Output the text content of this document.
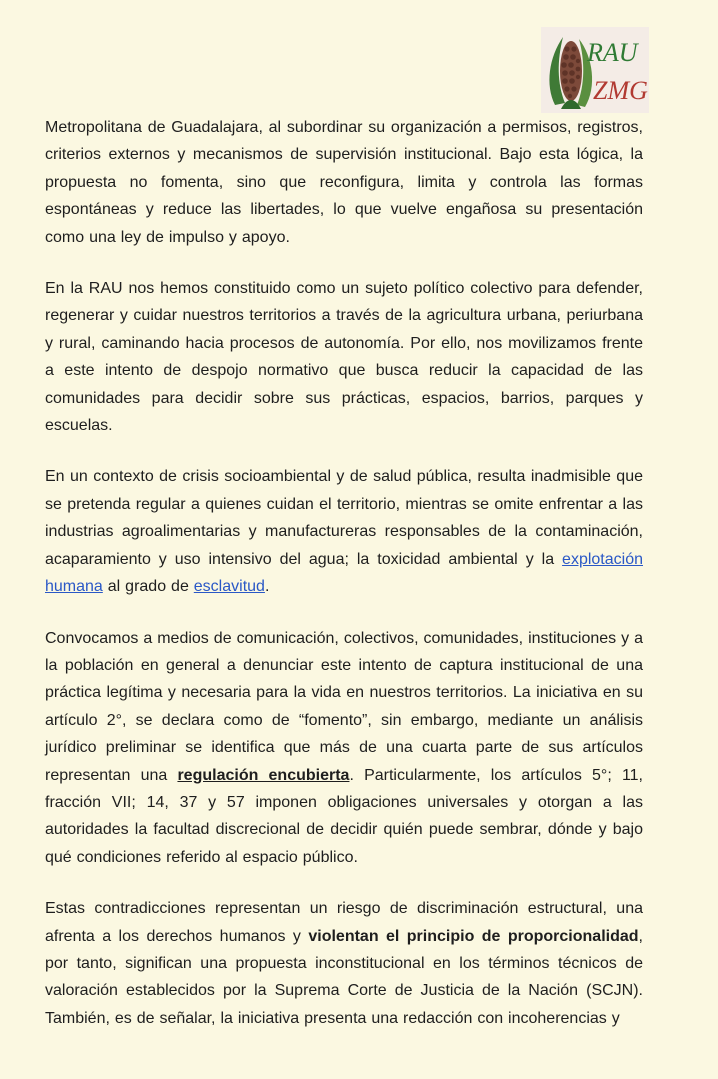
RAU
ZMG

Metropolitana de Guadalajara, al subordinar su organización a permisos, registros, criterios externos y mecanismos de supervisión institucional. Bajo esta lógica, la propuesta no fomenta, sino que reconfigura, limita y controla las formas espontáneas y reduce las libertades, lo que vuelve engañosa su presentación como una ley de impulso y apoyo.

En la RAU nos hemos constituido como un sujeto político colectivo para defender, regenerar y cuidar nuestros territorios a través de la agricultura urbana, periurbana y rural, caminando hacia procesos de autonomía. Por ello, nos movilizamos frente a este intento de despojo normativo que busca reducir la capacidad de las comunidades para decidir sobre sus prácticas, espacios, barrios, parques y escuelas.

En un contexto de crisis socioambiental y de salud pública, resulta inadmisible que se pretenda regular a quienes cuidan el territorio, mientras se omite enfrentar a las industrias agroalimentarias y manufactureras responsables de la contaminación, acaparamiento y uso intensivo del agua; la toxicidad ambiental y la explotación humana al grado de esclavitud.

Convocamos a medios de comunicación, colectivos, comunidades, instituciones y a la población en general a denunciar este intento de captura institucional de una práctica legítima y necesaria para la vida en nuestros territorios. La iniciativa en su artículo 2°, se declara como de “fomento”, sin embargo, mediante un análisis jurídico preliminar se identifica que más de una cuarta parte de sus artículos representan una regulación encubierta. Particularmente, los artículos 5°; 11, fracción VII; 14, 37 y 57 imponen obligaciones universales y otorgan a las autoridades la facultad discrecional de decidir quién puede sembrar, dónde y bajo qué condiciones referido al espacio público.

Estas contradicciones representan un riesgo de discriminación estructural, una afrenta a los derechos humanos y violentan el principio de proporcionalidad, por tanto, significan una propuesta inconstitucional en los términos técnicos de valoración establecidos por la Suprema Corte de Justicia de la Nación (SCJN). También, es de señalar, la iniciativa presenta una redacción con incoherencias y
